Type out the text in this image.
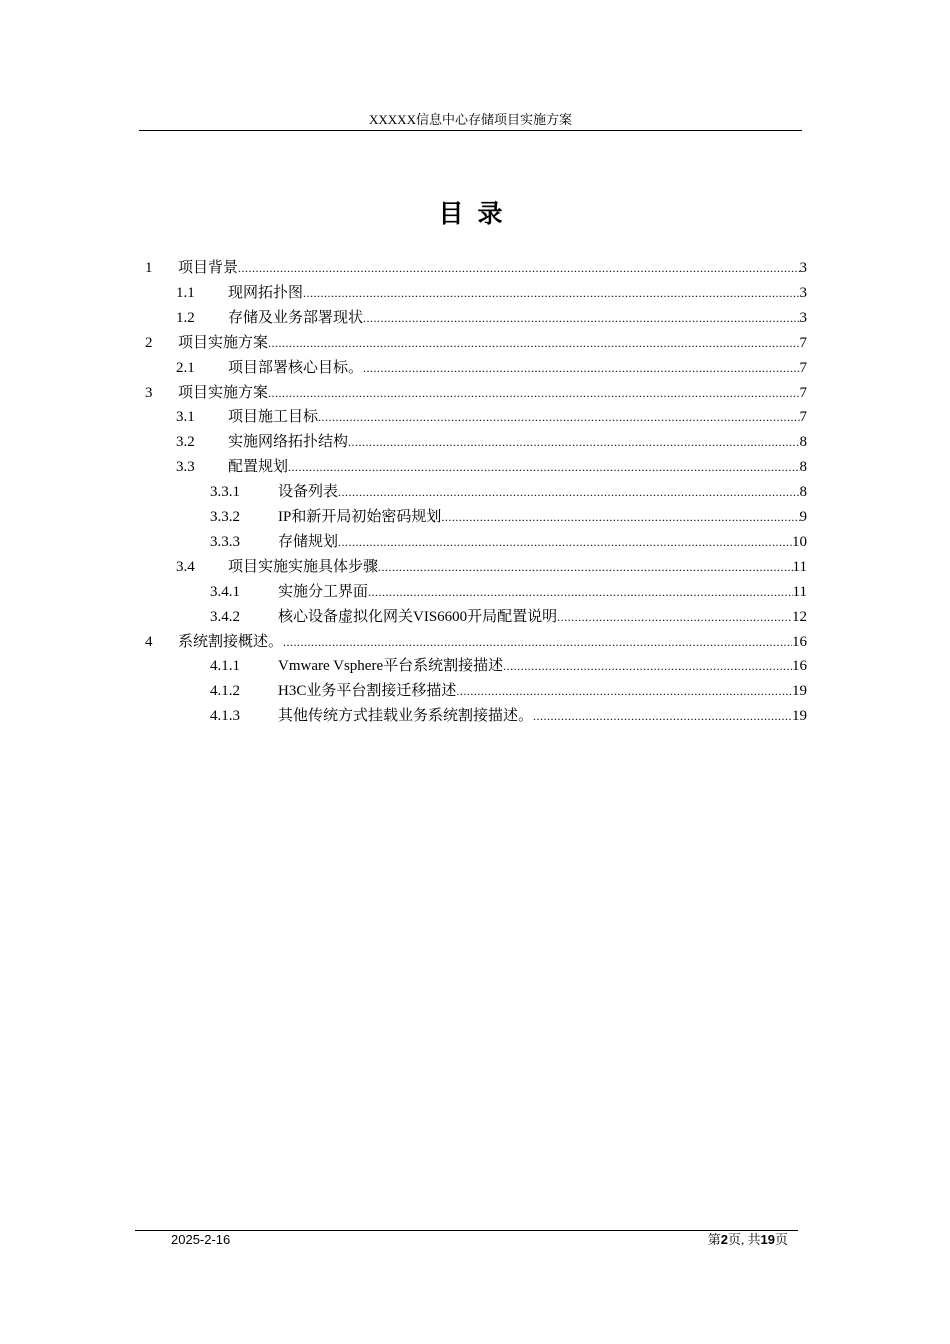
XXXXX信息中心存储项目实施方案
目录
1	项目背景 .....	3
1.1	现网拓扑图 .....	3
1.2	存储及业务部署现状 .....	3
2	项目实施方案 .....	7
2.1	项目部署核心目标。 .....	7
3	项目实施方案 .....	7
3.1	项目施工目标 .....	7
3.2	实施网络拓扑结构 .....	8
3.3	配置规划 .....	8
3.3.1	设备列表 .....	8
3.3.2	IP和新开局初始密码规划 .....	9
3.3.3	存储规划 .....	10
3.4	项目实施实施具体步骤 .....	11
3.4.1	实施分工界面 .....	11
3.4.2	核心设备虚拟化网关VIS6600开局配置说明 .....	12
4	系统割接概述。 .....	16
4.1.1	Vmware Vsphere平台系统割接描述 .....	16
4.1.2	H3C业务平台割接迁移描述 .....	19
4.1.3	其他传统方式挂载业务系统割接描述。 .....	19
2025-2-16	第2页, 共19页
